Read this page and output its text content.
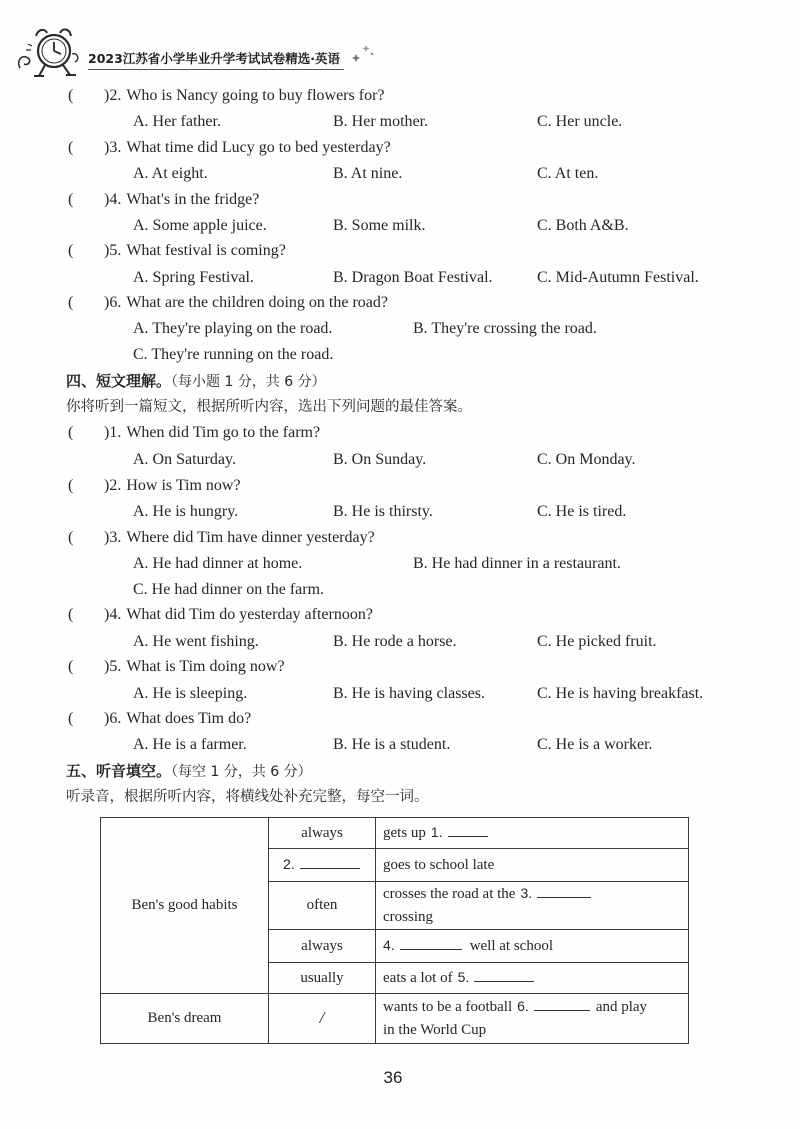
2023江苏省小学毕业升学考试试卷精选·英语
( )2. Who is Nancy going to buy flowers for?
A. Her father.	B. Her mother.	C. Her uncle.
( )3. What time did Lucy go to bed yesterday?
A. At eight.	B. At nine.	C. At ten.
( )4. What's in the fridge?
A. Some apple juice.	B. Some milk.	C. Both A&B.
( )5. What festival is coming?
A. Spring Festival.	B. Dragon Boat Festival.	C. Mid-Autumn Festival.
( )6. What are the children doing on the road?
A. They're playing on the road.	B. They're crossing the road.
C. They're running on the road.
四、短文理解。（每小题 1 分，共 6 分）
你将听到一篇短文，根据所听内容，选出下列问题的最佳答案。
( )1. When did Tim go to the farm?
A. On Saturday.	B. On Sunday.	C. On Monday.
( )2. How is Tim now?
A. He is hungry.	B. He is thirsty.	C. He is tired.
( )3. Where did Tim have dinner yesterday?
A. He had dinner at home.	B. He had dinner in a restaurant.
C. He had dinner on the farm.
( )4. What did Tim do yesterday afternoon?
A. He went fishing.	B. He rode a horse.	C. He picked fruit.
( )5. What is Tim doing now?
A. He is sleeping.	B. He is having classes.	C. He is having breakfast.
( )6. What does Tim do?
A. He is a farmer.	B. He is a student.	C. He is a worker.
五、听音填空。（每空 1 分，共 6 分）
听录音，根据所听内容，将横线处补充完整，每空一词。
Ben's good habits	always	gets up 1.
	2.	goes to school late
	often	crosses the road at the 3.
crossing

	always	4. well at school
	usually	eats a lot of 5.
Ben's dream	/	wants to be a football 6. and play
in the World Cup
36
